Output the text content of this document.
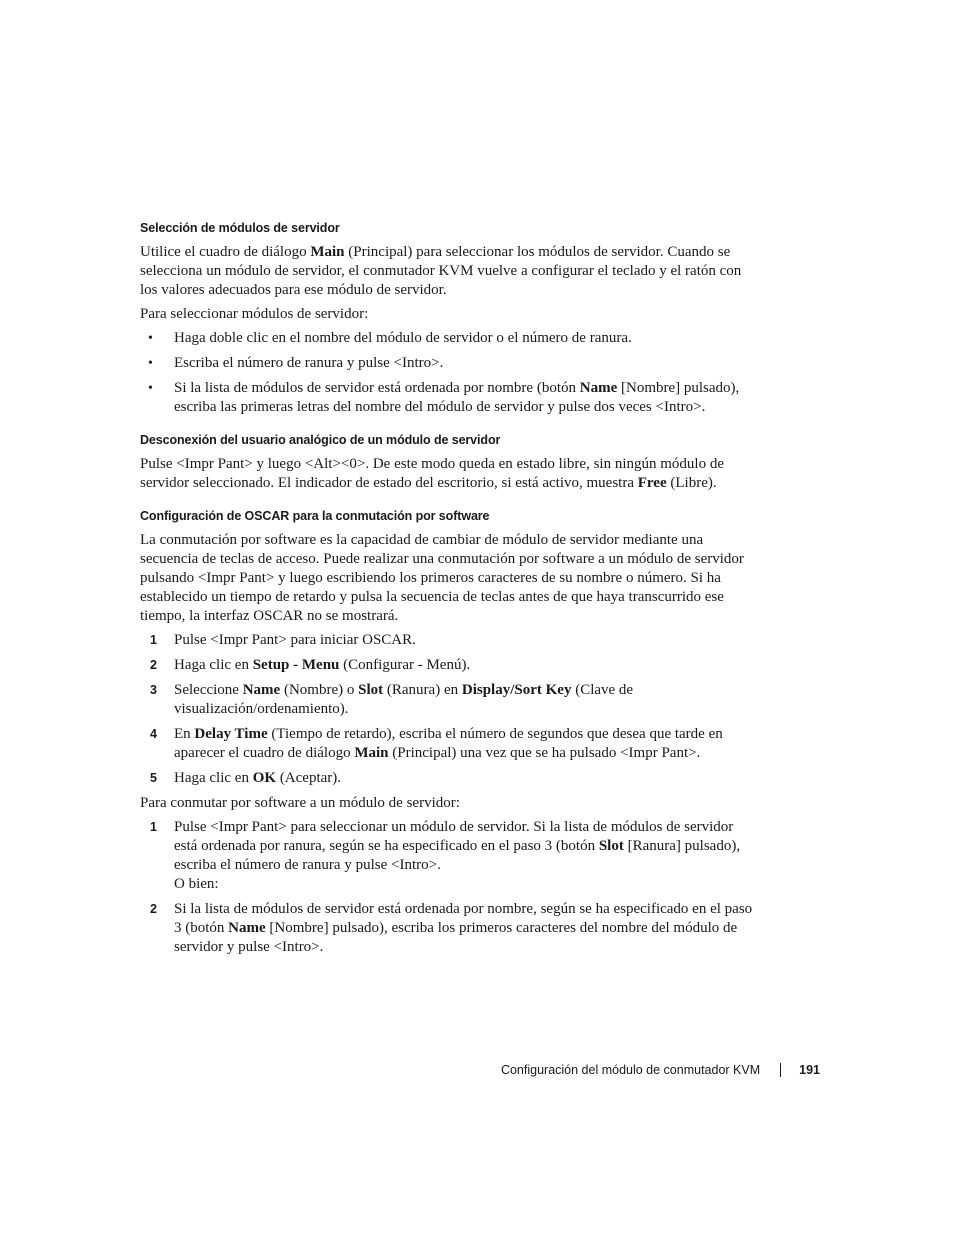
Selección de módulos de servidor

Utilice el cuadro de diálogo Main (Principal) para seleccionar los módulos de servidor. Cuando se selecciona un módulo de servidor, el conmutador KVM vuelve a configurar el teclado y el ratón con los valores adecuados para ese módulo de servidor.

Para seleccionar módulos de servidor:

• Haga doble clic en el nombre del módulo de servidor o el número de ranura.
• Escriba el número de ranura y pulse <Intro>.
• Si la lista de módulos de servidor está ordenada por nombre (botón Name [Nombre] pulsado), escriba las primeras letras del nombre del módulo de servidor y pulse dos veces <Intro>.
Desconexión del usuario analógico de un módulo de servidor

Pulse <Impr Pant> y luego <Alt><0>. De este modo queda en estado libre, sin ningún módulo de servidor seleccionado. El indicador de estado del escritorio, si está activo, muestra Free (Libre).

Configuración de OSCAR para la conmutación por software

La conmutación por software es la capacidad de cambiar de módulo de servidor mediante una secuencia de teclas de acceso. Puede realizar una conmutación por software a un módulo de servidor pulsando <Impr Pant> y luego escribiendo los primeros caracteres de su nombre o número. Si ha establecido un tiempo de retardo y pulsa la secuencia de teclas antes de que haya transcurrido ese tiempo, la interfaz OSCAR no se mostrará.

1 Pulse <Impr Pant> para iniciar OSCAR.
2 Haga clic en Setup - Menu (Configurar - Menú).
3 Seleccione Name (Nombre) o Slot (Ranura) en Display/Sort Key (Clave de visualización/ordenamiento).
4 En Delay Time (Tiempo de retardo), escriba el número de segundos que desea que tarde en aparecer el cuadro de diálogo Main (Principal) una vez que se ha pulsado <Impr Pant>.
5 Haga clic en OK (Aceptar).

Para conmutar por software a un módulo de servidor:

1 Pulse <Impr Pant> para seleccionar un módulo de servidor. Si la lista de módulos de servidor está ordenada por ranura, según se ha especificado en el paso 3 (botón Slot [Ranura] pulsado), escriba el número de ranura y pulse <Intro>.
O bien:
2 Si la lista de módulos de servidor está ordenada por nombre, según se ha especificado en el paso 3 (botón Name [Nombre] pulsado), escriba los primeros caracteres del nombre del módulo de servidor y pulse <Intro>.
Configuración del módulo de conmutador KVM	191
